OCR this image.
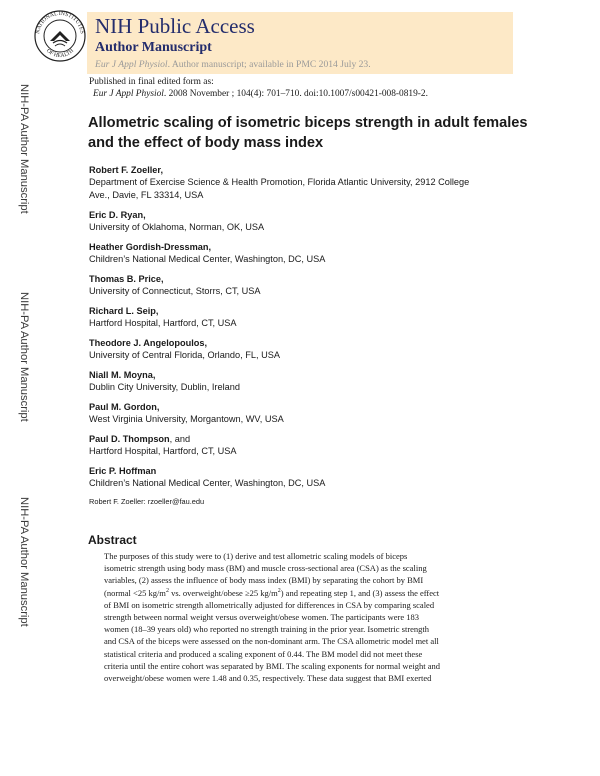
NATIONAL INSTITUTES
OF HEALTH
NIH Public Access
Author Manuscript
Eur J Appl Physiol. Author manuscript; available in PMC 2014 July 23.
Published in final edited form as:
Eur J Appl Physiol. 2008 November ; 104(4): 701–710. doi:10.1007/s00421-008-0819-2.
NIH-PA Author Manuscript
NIH-PA Author Manuscript
NIH-PA Author Manuscript
Allometric scaling of isometric biceps strength in adult females
and the effect of body mass index
Robert F. Zoeller,
Department of Exercise Science & Health Promotion, Florida Atlantic University, 2912 College
Ave., Davie, FL 33314, USA
Eric D. Ryan,
University of Oklahoma, Norman, OK, USA
Heather Gordish-Dressman,
Children’s National Medical Center, Washington, DC, USA
Thomas B. Price,
University of Connecticut, Storrs, CT, USA
Richard L. Seip,
Hartford Hospital, Hartford, CT, USA
Theodore J. Angelopoulos,
University of Central Florida, Orlando, FL, USA
Niall M. Moyna,
Dublin City University, Dublin, Ireland
Paul M. Gordon,
West Virginia University, Morgantown, WV, USA
Paul D. Thompson, and
Hartford Hospital, Hartford, CT, USA
Eric P. Hoffman
Children’s National Medical Center, Washington, DC, USA
Robert F. Zoeller: rzoeller@fau.edu
Abstract
The purposes of this study were to (1) derive and test allometric scaling models of biceps
isometric strength using body mass (BM) and muscle cross-sectional area (CSA) as the scaling
variables, (2) assess the influence of body mass index (BMI) by separating the cohort by BMI
(normal <25 $kg/m^2$ vs. overweight/obese ≥25 $kg/m^2$) and repeating step 1, and (3) assess the effect
of BMI on isometric strength allometrically adjusted for differences in CSA by comparing scaled
strength between normal weight versus overweight/obese women. The participants were 183
women (18–39 years old) who reported no strength training in the prior year. Isometric strength
and CSA of the biceps were assessed on the non-dominant arm. The CSA allometric model met all
statistical criteria and produced a scaling exponent of 0.44. The BM model did not meet these
criteria until the entire cohort was separated by BMI. The scaling exponents for normal weight and
overweight/obese women were 1.48 and 0.35, respectively. These data suggest that BMI exerted
